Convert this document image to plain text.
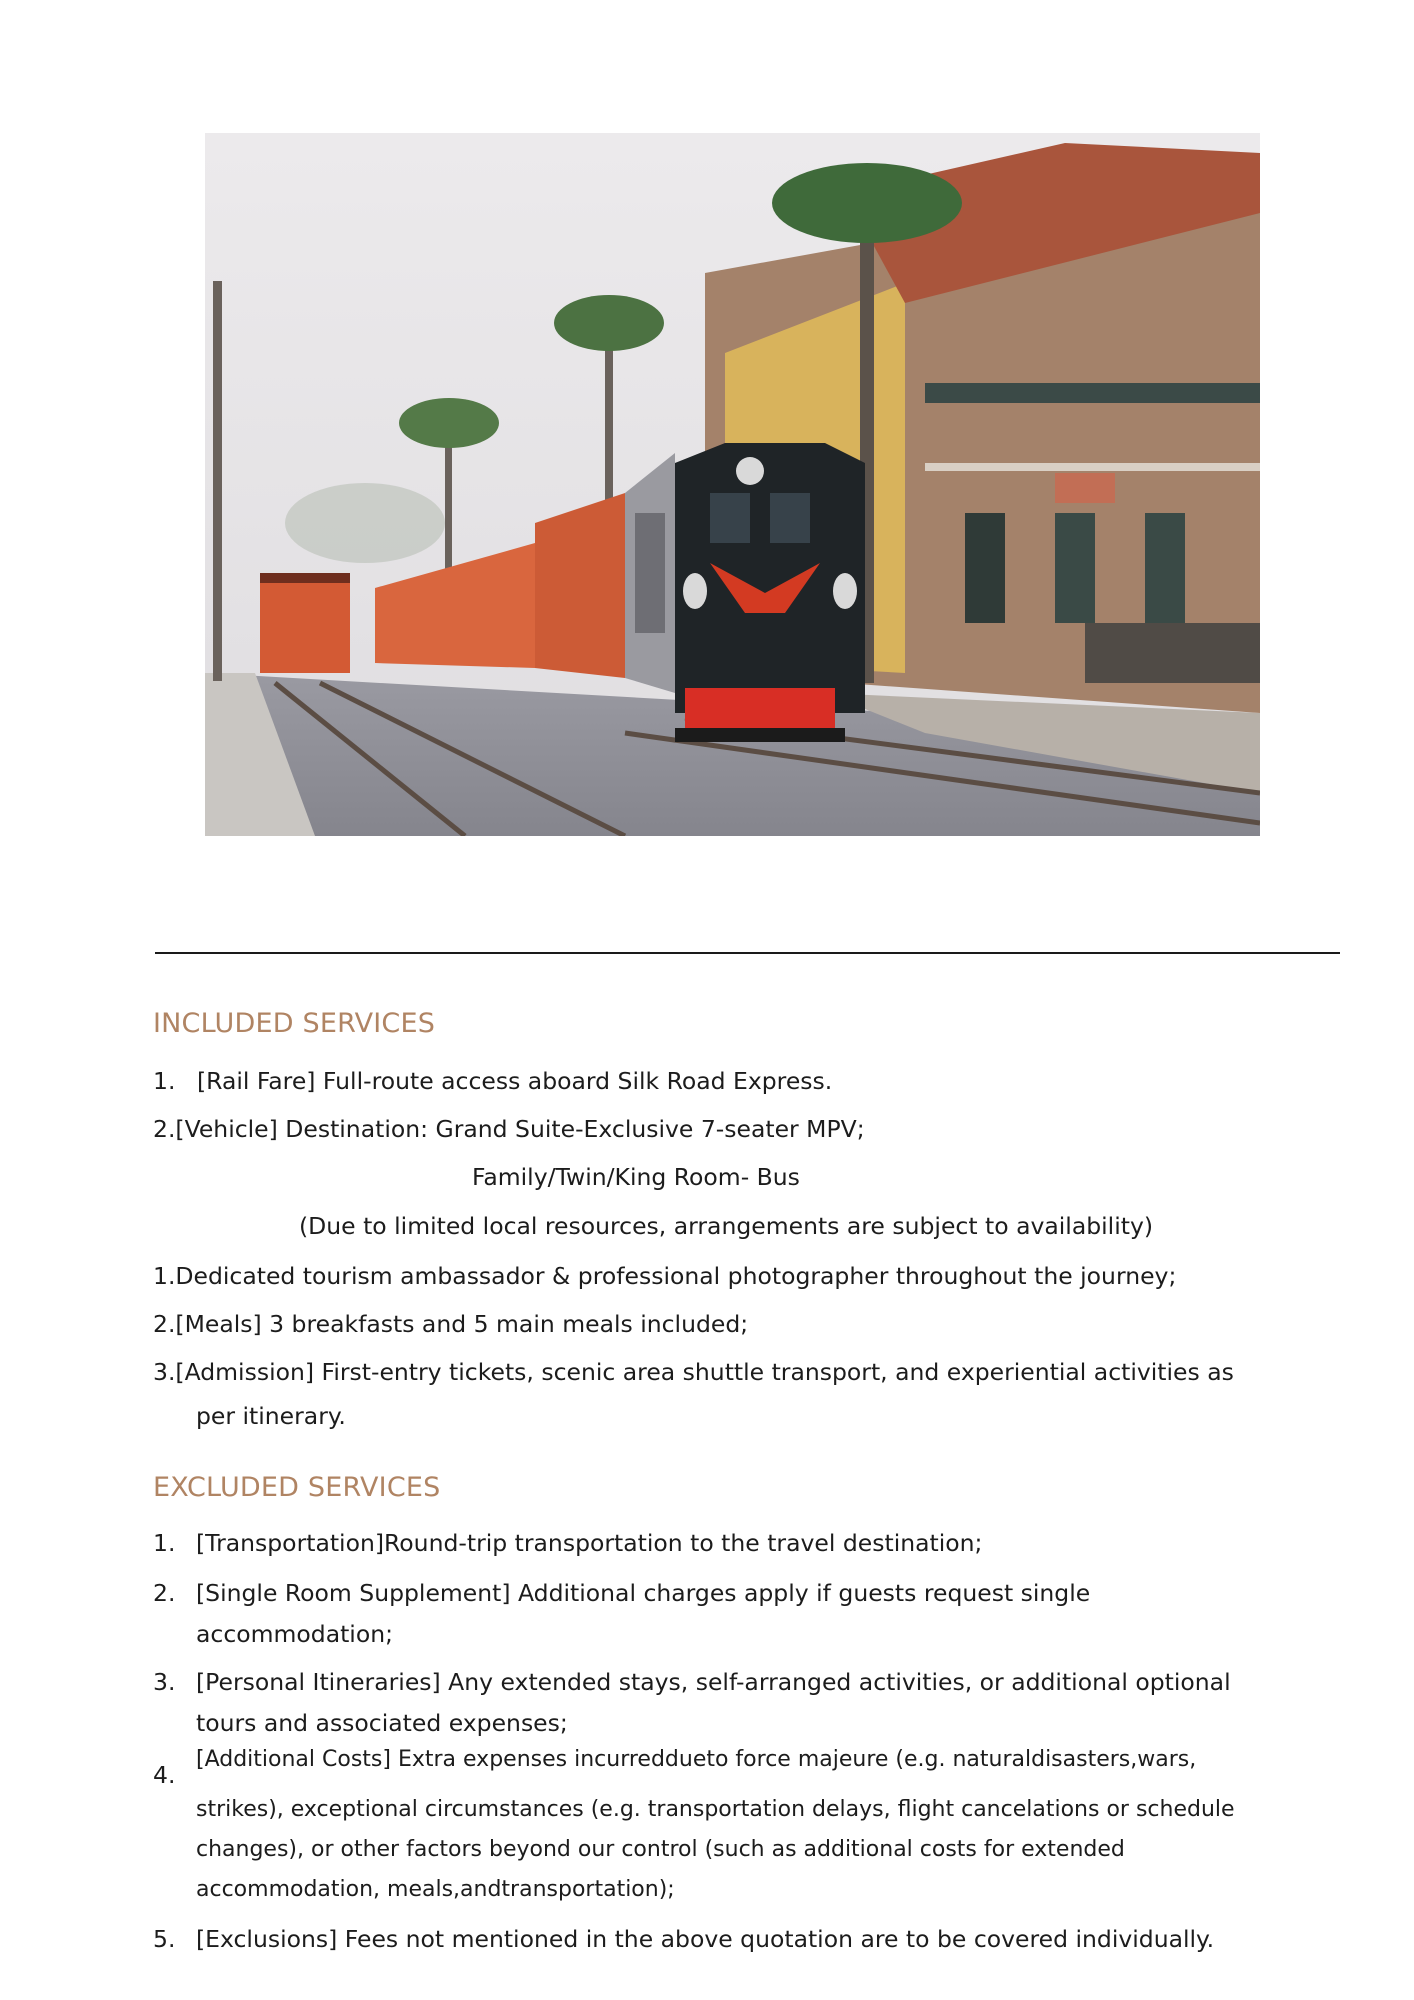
INCLUDED SERVICES
1. [Rail Fare] Full-route access aboard Silk Road Express.
2.[Vehicle] Destination: Grand Suite-Exclusive 7-seater MPV;
Family/Twin/King Room- Bus
(Due to limited local resources, arrangements are subject to availability)
1.Dedicated tourism ambassador & professional photographer throughout the journey;
2.[Meals] 3 breakfasts and 5 main meals included;
3.[Admission] First-entry tickets, scenic area shuttle transport, and experiential activities as
per itinerary.
EXCLUDED SERVICES
1. [Transportation]Round-trip transportation to the travel destination;
2. [Single Room Supplement] Additional charges apply if guests request single
accommodation;
3. [Personal Itineraries] Any extended stays, self-arranged activities, or additional optional
tours and associated expenses;
4.
[Additional Costs] Extra expenses incurreddueto force majeure (e.g. naturaldisasters,wars,
strikes), exceptional circumstances (e.g. transportation delays, flight cancelations or schedule
changes), or other factors beyond our control (such as additional costs for extended
accommodation, meals,andtransportation);
5. [Exclusions] Fees not mentioned in the above quotation are to be covered individually.
